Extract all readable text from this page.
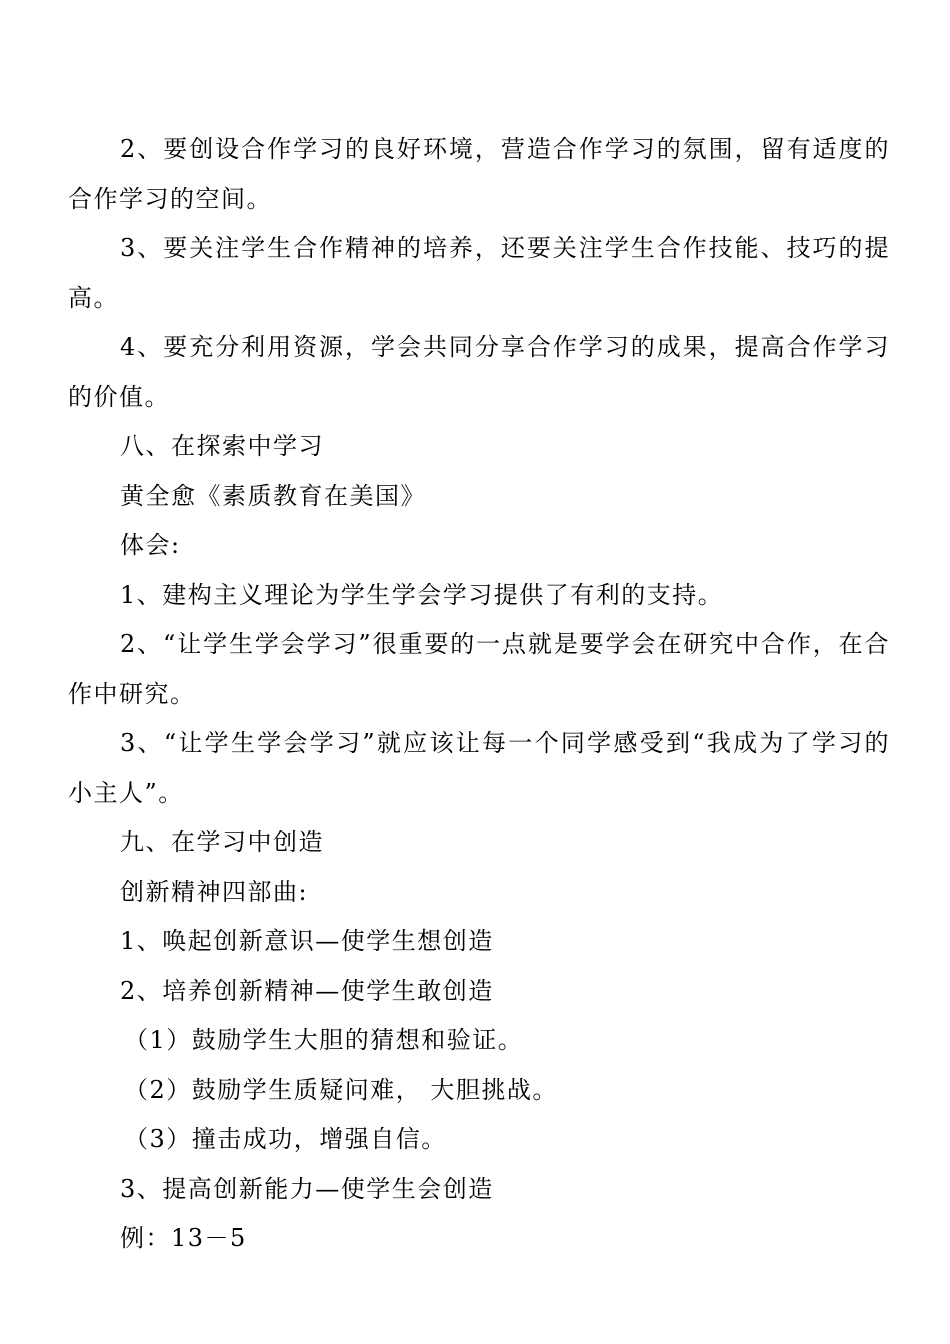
2、要创设合作学习的良好环境，营造合作学习的氛围，留有适度的合作学习的空间。

3、要关注学生合作精神的培养，还要关注学生合作技能、技巧的提高。

4、要充分利用资源，学会共同分享合作学习的成果，提高合作学习的价值。

八、在探索中学习

黄全愈《素质教育在美国》

体会:

1、建构主义理论为学生学会学习提供了有利的支持。

2、“让学生学会学习”很重要的一点就是要学会在研究中合作，在合作中研究。

3、“让学生学会学习”就应该让每一个同学感受到“我成为了学习的小主人”。

九、在学习中创造

创新精神四部曲:

1、唤起创新意识—使学生想创造

2、培养创新精神—使学生敢创造

（1）鼓励学生大胆的猜想和验证。

（2）鼓励学生质疑问难， 大胆挑战。

（3）撞击成功，增强自信。

3、提高创新能力—使学生会创造

例：13－5
